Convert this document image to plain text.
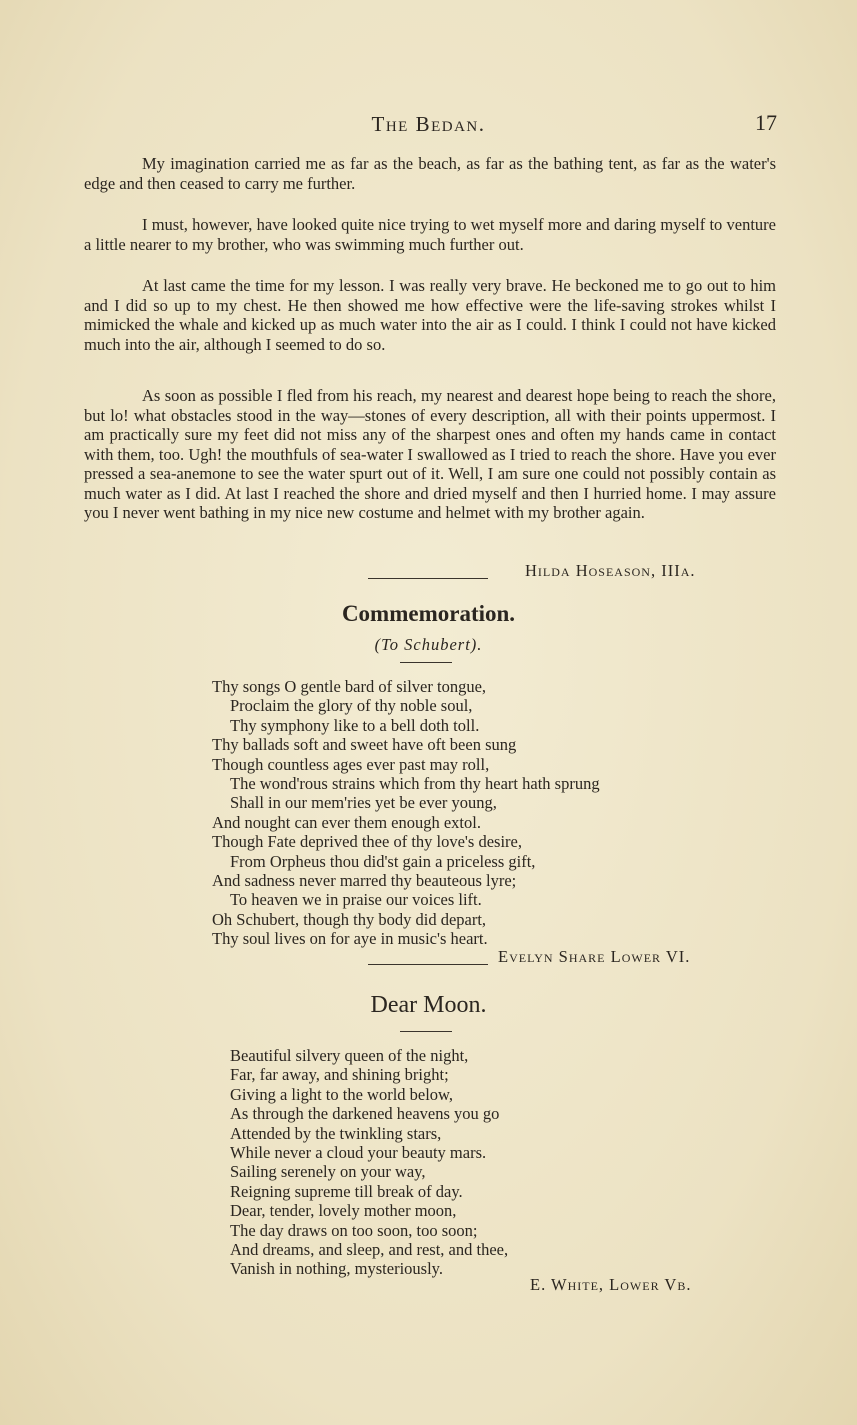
The Bedan.	17

My imagination carried me as far as the beach, as far as the bathing tent, as far as the water's edge and then ceased to carry me further.

I must, however, have looked quite nice trying to wet myself more and daring myself to venture a little nearer to my brother, who was swimming much further out.

At last came the time for my lesson. I was really very brave. He beckoned me to go out to him and I did so up to my chest. He then showed me how effective were the life-saving strokes whilst I mimicked the whale and kicked up as much water into the air as I could. I think I could not have kicked much into the air, although I seemed to do so.

As soon as possible I fled from his reach, my nearest and dearest hope being to reach the shore, but lo! what obstacles stood in the way—stones of every description, all with their points uppermost. I am practically sure my feet did not miss any of the sharpest ones and often my hands came in contact with them, too. Ugh! the mouthfuls of sea-water I swallowed as I tried to reach the shore. Have you ever pressed a sea-anemone to see the water spurt out of it. Well, I am sure one could not possibly contain as much water as I did. At last I reached the shore and dried myself and then I hurried home. I may assure you I never went bathing in my nice new costume and helmet with my brother again.

Hilda Hoseason, IIIa.
Commemoration.
(To Schubert).
Thy songs O gentle bard of silver tongue,
Proclaim the glory of thy noble soul,
Thy symphony like to a bell doth toll.
Thy ballads soft and sweet have oft been sung
Though countless ages ever past may roll,
The wond'rous strains which from thy heart hath sprung
Shall in our mem'ries yet be ever young,
And nought can ever them enough extol.
Though Fate deprived thee of thy love's desire,
From Orpheus thou did'st gain a priceless gift,
And sadness never marred thy beauteous lyre;
To heaven we in praise our voices lift.
Oh Schubert, though thy body did depart,
Thy soul lives on for aye in music's heart.
Evelyn Share Lower VI.
Dear Moon.
Beautiful silvery queen of the night,
Far, far away, and shining bright;
Giving a light to the world below,
As through the darkened heavens you go
Attended by the twinkling stars,
While never a cloud your beauty mars.
Sailing serenely on your way,
Reigning supreme till break of day.
Dear, tender, lovely mother moon,
The day draws on too soon, too soon;
And dreams, and sleep, and rest, and thee,
Vanish in nothing, mysteriously.
E. White, Lower Vb.
